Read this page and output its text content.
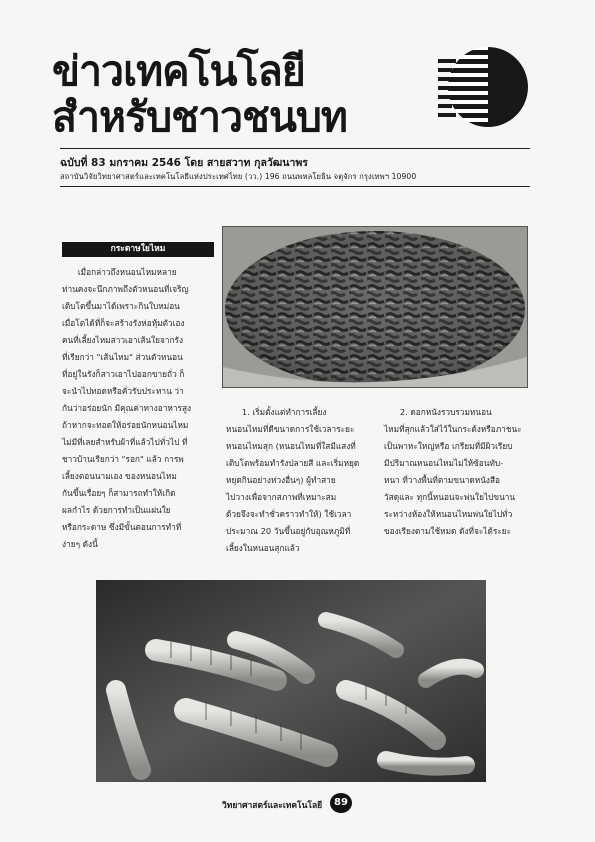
ข่าวเทคโนโลยี
สำหรับชาวชนบท
ฉบับที่ 83 มกราคม 2546 โดย สายสวาท กุลวัฒนาพร
สถาบันวิจัยวิทยาศาสตร์และเทคโนโลยีแห่งประเทศไทย (วว.) 196 ถนนพหลโยธิน จตุจักร กรุงเทพฯ 10900
กระดาษใยไหม
เมื่อกล่าวถึงหนอนไหมหลาย
ท่านคงจะนึกภาพถึงตัวหนอนที่เจริญ
เติบโตขึ้นมาได้เพราะกินใบหม่อน
เมื่อโตได้ที่ก็จะสร้างรังห่อหุ้มตัวเอง
คนที่เลี้ยงไหมสาวเอาเส้นใยจากรัง
ที่เรียกว่า "เส้นไหม" ส่วนตัวหนอน
ที่อยู่ในรังก็สาวเอาไปออกขายถั่ว ก็
จะนำไปทอดหรือคั่วรับประทาน ว่า
กันว่าอร่อยนัก มีคุณค่าทางอาหารสูง
ถ้าหากจะทอดให้อร่อยนักหนอนไหม
ไม่มีที่เลยสำหรับผ้าที่แล้วไปทั่วไป ที่
ชาวบ้านเรียกว่า "รอก" แล้ว การพ
เลี้ยงตอนนามเอง ของหนอนไหม
กันขึ้นเรื่อยๆ ก็สามารถทำให้เกิด
ผลกำไร ด้วยการทำเป็นแผ่นใย
หรือกระดาษ ซึ่งมีขั้นตอนการทำที่
ง่ายๆ ดังนี้
1. เริ่มตั้งแต่ทำการเลี้ยง
หนอนไหมที่ดีขนาดการใช้เวลาระยะ
หนอนไหมสุก (หนอนไหมที่ใสมีแสงที่
เติบโตพร้อมทำรังปลายสี และเริ่มหยุด
หยุดกินอย่างห่วงอื่นๆ) ผู้ทำสาย
ไปวางเพื่อจากสภาพที่เหมาะสม
ด้วยจึงจะทำชั่วคราวทำให้) ใช้เวลา
ประมาณ 20 วันขึ้นอยู่กับอุณหภูมิที่
เลี้ยงในหนอนสุกแล้ว
2. ดอกหนังรวบรวมหนอน
ไหมที่สุกแล้วใส่ไว้ในกระด้งหรือภาชนะ
เป็นพาหะใหญ่หรือ เกรียมที่มีผิวเรียบ
มีปริมาณหนอนไหมไม่ให้ซ้อนทับ-
หนา ที่วางพื้นที่ตามขนาดหนังสือ
วัสดุและ ทุกนี้หนอนจะพ่นใยไปขนาน
ระหว่างห้องให้หนอนไหมพ่นใยไปทั่ว
ของเรียงตามใช้หมด ดังที่จะได้ระยะ
วิทยาศาสตร์และเทคโนโลยี	89
